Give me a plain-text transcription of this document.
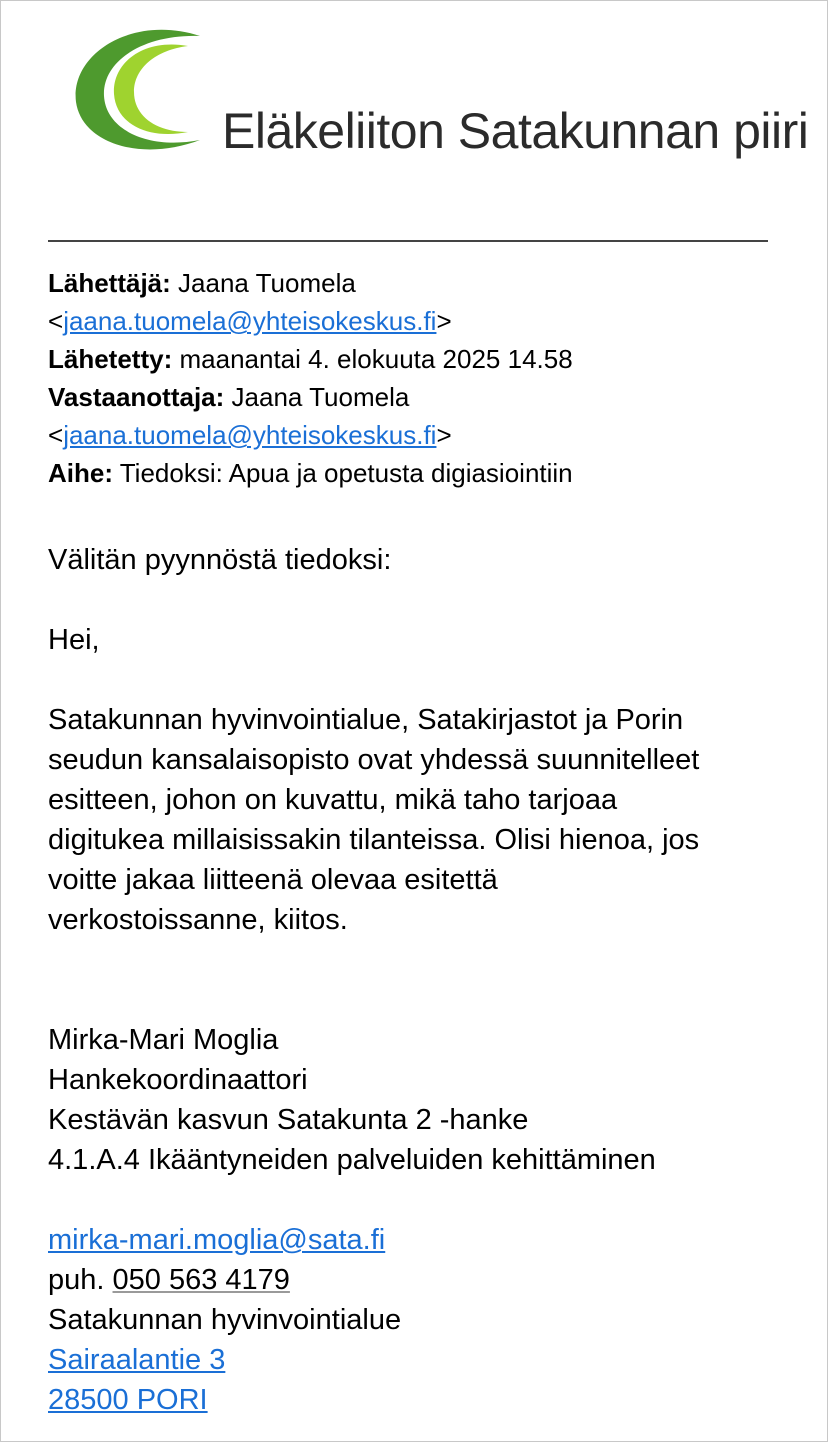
Eläkeliiton Satakunnan piiri
Lähettäjä: Jaana Tuomela
<jaana.tuomela@yhteisokeskus.fi>
Lähetetty: maanantai 4. elokuuta 2025 14.58
Vastaanottaja: Jaana Tuomela
<jaana.tuomela@yhteisokeskus.fi>
Aihe: Tiedoksi: Apua ja opetusta digiasiointiin

Välitän pyynnöstä tiedoksi:

Hei,

Satakunnan hyvinvointialue, Satakirjastot ja Porin

seudun kansalaisopisto ovat yhdessä suunnitelleet

esitteen, johon on kuvattu, mikä taho tarjoaa

digitukea millaisissakin tilanteissa. Olisi hienoa, jos

voitte jakaa liitteenä olevaa esitettä

verkostoissanne, kiitos.

Mirka-Mari Moglia

Hankekoordinaattori

Kestävän kasvun Satakunta 2 -hanke

4.1.A.4 Ikääntyneiden palveluiden kehittäminen

mirka-mari.moglia@sata.fi

puh. 050 563 4179

Satakunnan hyvinvointialue

Sairaalantie 3

28500 PORI
